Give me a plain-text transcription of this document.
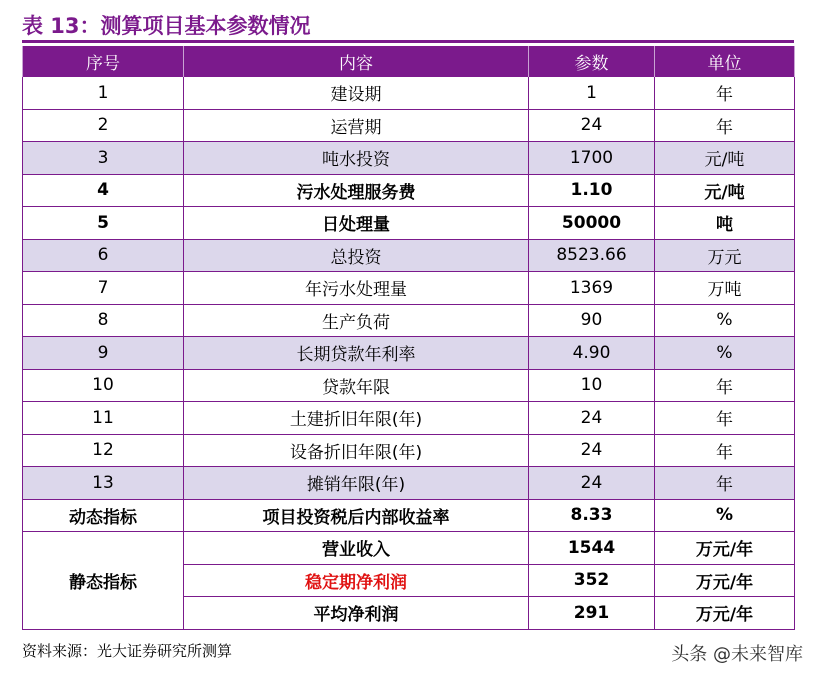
表 13：测算项目基本参数情况
序号	内容	参数	单位
1	建设期	1	年
2	运营期	24	年
3	吨水投资	1700	元/吨
4	污水处理服务费	1.10	元/吨
5	日处理量	50000	吨
6	总投资	8523.66	万元
7	年污水处理量	1369	万吨
8	生产负荷	90	%
9	长期贷款年利率	4.90	%
10	贷款年限	10	年
11	土建折旧年限(年)	24	年
12	设备折旧年限(年)	24	年
13	摊销年限(年)	24	年
动态指标	项目投资税后内部收益率	8.33	%
静态指标	营业收入	1544	万元/年
	稳定期净利润	352	万元/年
	平均净利润	291	万元/年
资料来源：光大证券研究所测算	头条 @未来智库
